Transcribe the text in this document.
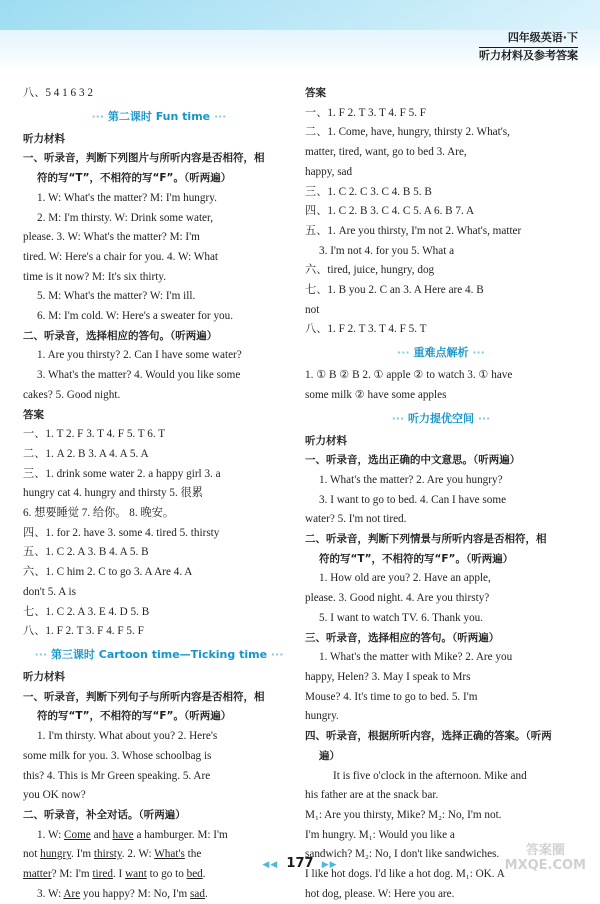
四年级英语·下
听力材料及参考答案
八、5 4 1 6 3 2
··· 第二课时 Fun time ···
听力材料
一、听录音，判断下列图片与所听内容是否相符，相
符的写“T”，不相符的写“F”。（听两遍）
1. W: What's the matter? M: I'm hungry.
2. M: I'm thirsty. W: Drink some water,
please. 3. W: What's the matter? M: I'm
tired. W: Here's a chair for you. 4. W: What
time is it now? M: It's six thirty.
5. M: What's the matter? W: I'm ill.
6. M: I'm cold. W: Here's a sweater for you.
二、听录音，选择相应的答句。（听两遍）
1. Are you thirsty? 2. Can I have some water?
3. What's the matter? 4. Would you like some
cakes? 5. Good night.
答案
一、1. T 2. F 3. T 4. F 5. T 6. T
二、1. A 2. B 3. A 4. A 5. A
三、1. drink some water 2. a happy girl 3. a
hungry cat 4. hungry and thirsty 5. 很累
6. 想要睡觉 7. 给你。 8. 晚安。
四、1. for 2. have 3. some 4. tired 5. thirsty
五、1. C 2. A 3. B 4. A 5. B
六、1. C him 2. C to go 3. A Are 4. A
don't 5. A is
七、1. C 2. A 3. E 4. D 5. B
八、1. F 2. T 3. F 4. F 5. F
··· 第三课时 Cartoon time—Ticking time ···
听力材料
一、听录音，判断下列句子与所听内容是否相符，相
符的写“T”，不相符的写“F”。（听两遍）
1. I'm thirsty. What about you? 2. Here's
some milk for you. 3. Whose schoolbag is
this? 4. This is Mr Green speaking. 5. Are
you OK now?
二、听录音，补全对话。（听两遍）
1. W: Come and have a hamburger. M: I'm
not hungry. I'm thirsty. 2. W: What's the
matter? M: I'm tired. I want to go to bed.
3. W: Are you happy? M: No, I'm sad.
答案
一、1. F 2. T 3. T 4. F 5. F
二、1. Come, have, hungry, thirsty 2. What's,
matter, tired, want, go to bed 3. Are,
happy, sad
三、1. C 2. C 3. C 4. B 5. B
四、1. C 2. B 3. C 4. C 5. A 6. B 7. A
五、1. Are you thirsty, I'm not 2. What's, matter
3. I'm not 4. for you 5. What a
六、tired, juice, hungry, dog
七、1. B you 2. C an 3. A Here are 4. B
not
八、1. F 2. T 3. T 4. F 5. T
··· 重难点解析 ···
1. ① B ② B 2. ① apple ② to watch 3. ① have
some milk ② have some apples
··· 听力提优空间 ···
听力材料
一、听录音，选出正确的中文意思。（听两遍）
1. What's the matter? 2. Are you hungry?
3. I want to go to bed. 4. Can I have some
water? 5. I'm not tired.
二、听录音，判断下列情景与所听内容是否相符，相
符的写“T”，不相符的写“F”。（听两遍）
1. How old are you? 2. Have an apple,
please. 3. Good night. 4. Are you thirsty?
5. I want to watch TV. 6. Thank you.
三、听录音，选择相应的答句。（听两遍）
1. What's the matter with Mike? 2. Are you
happy, Helen? 3. May I speak to Mrs
Mouse? 4. It's time to go to bed. 5. I'm
hungry.
四、听录音，根据所听内容，选择正确的答案。（听两
遍）
It is five o'clock in the afternoon. Mike and
his father are at the snack bar.
M₁: Are you thirsty, Mike? M₂: No, I'm not.
I'm hungry. M₁: Would you like a
sandwich? M₂: No, I don't like sandwiches.
I like hot dogs. I'd like a hot dog. M₁: OK. A
hot dog, please. W: Here you are.
◀◀ 177 ▶▶
答案圈
MXQE.COM
